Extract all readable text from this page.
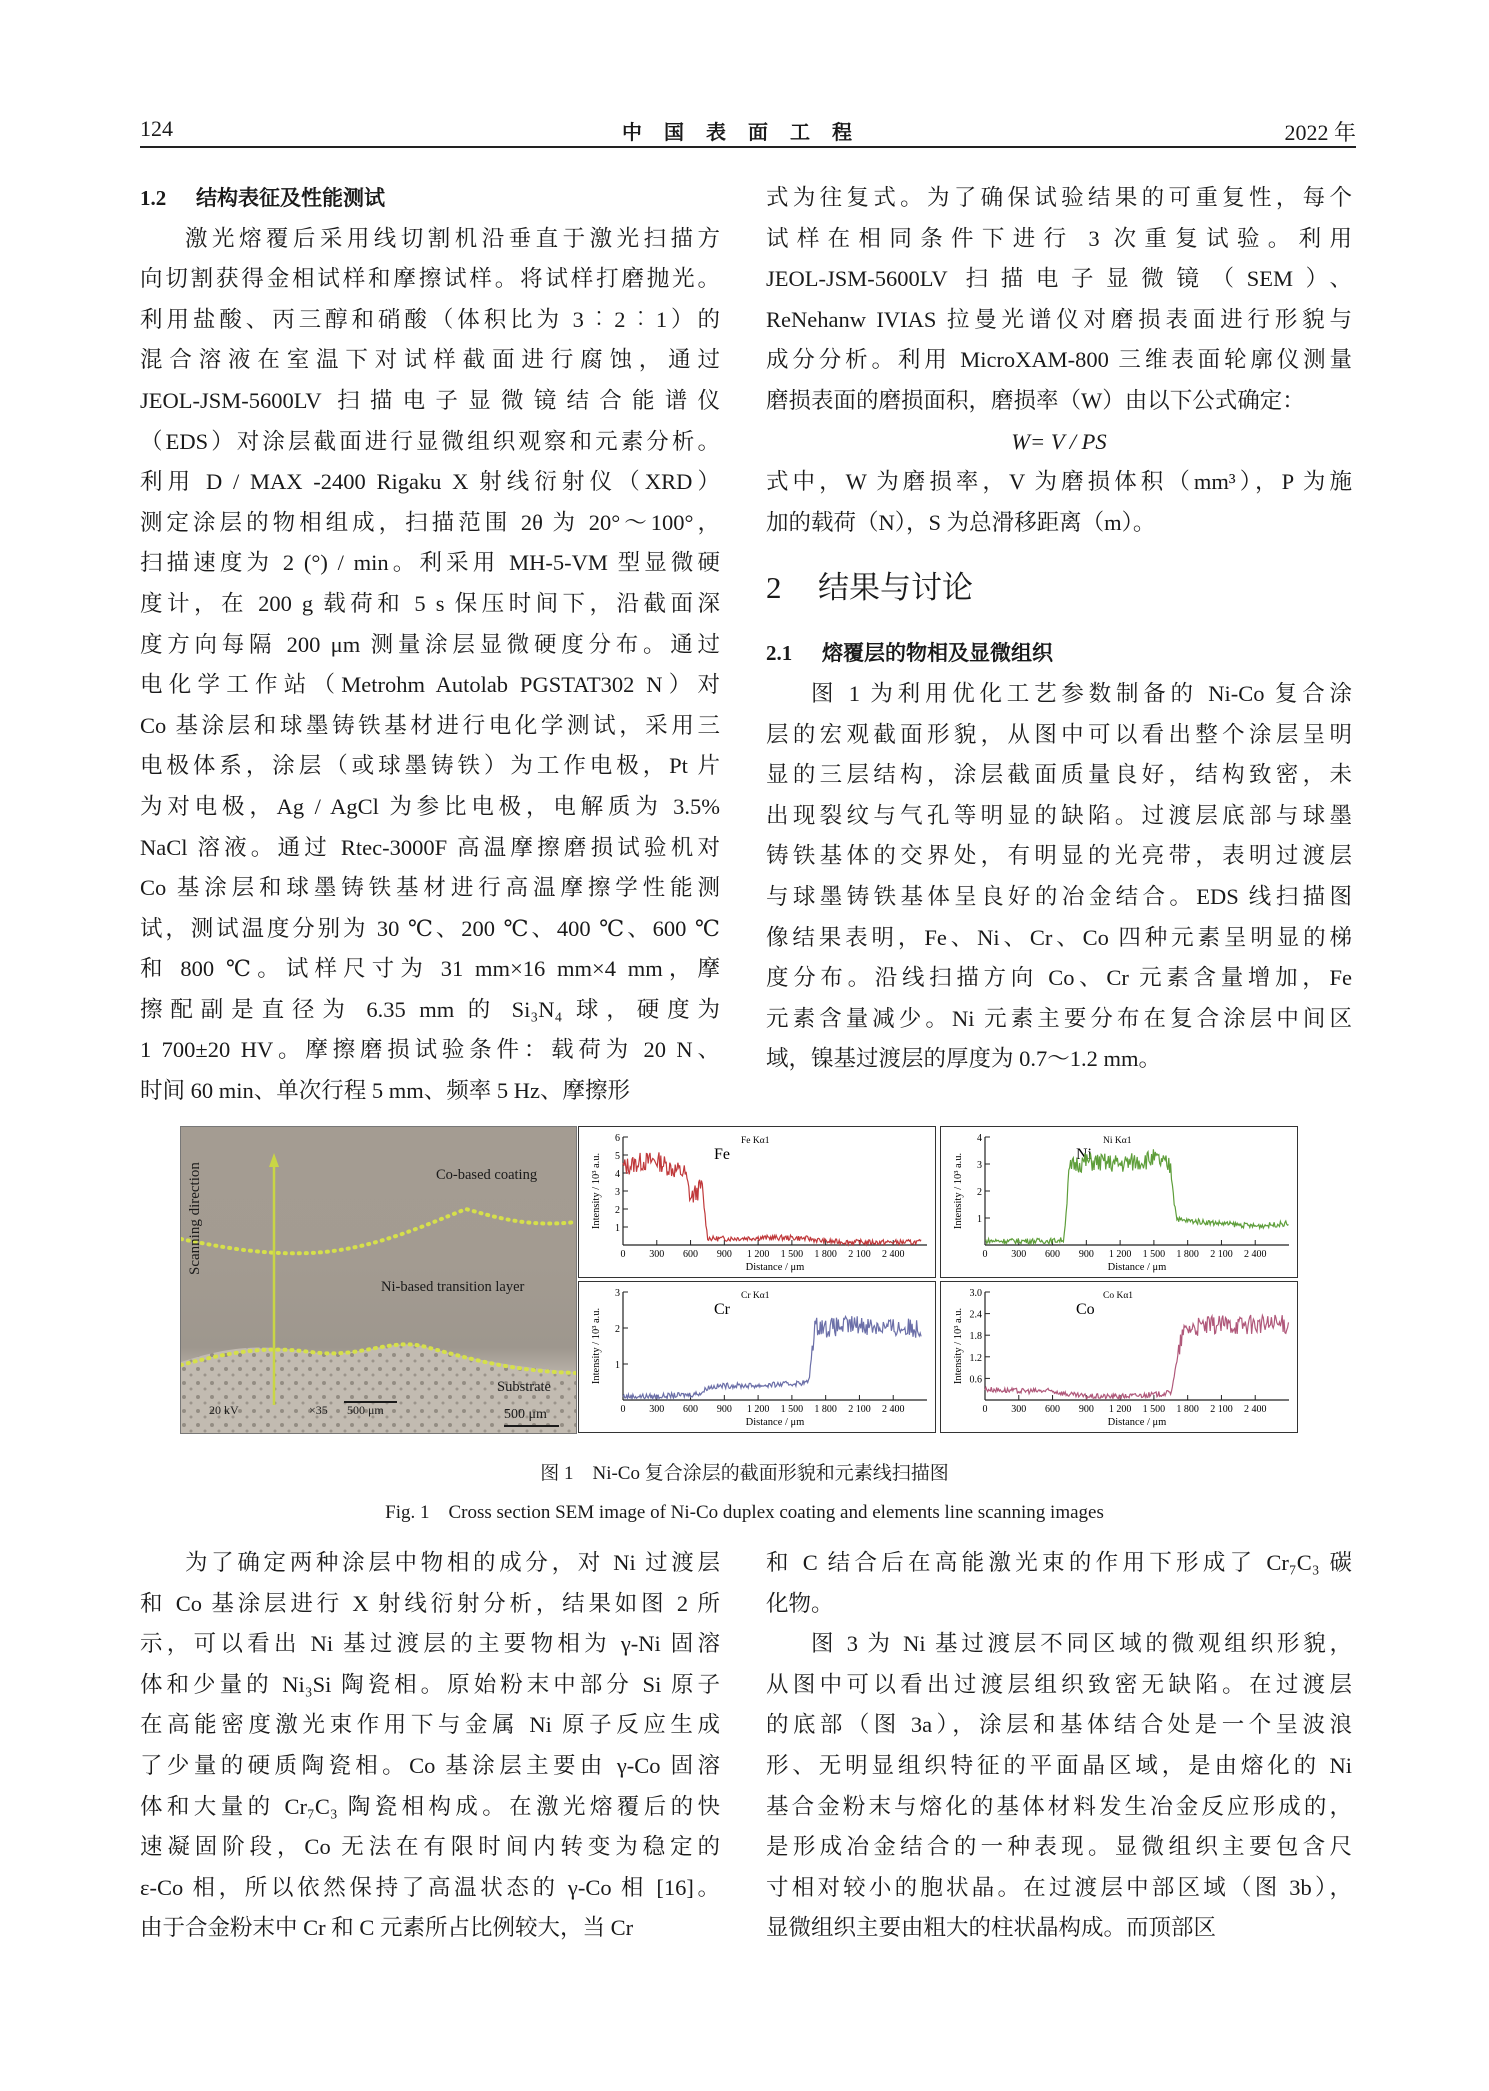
124	中国表面工程	2022 年

1.2 结构表征及性能测试

激光熔覆后采用线切割机沿垂直于激光扫描方
向切割获得金相试样和摩擦试样。将试样打磨抛光。
利用盐酸、丙三醇和硝酸（体积比为 3︰2︰1）的
混合溶液在室温下对试样截面进行腐蚀，通过
JEOL-JSM-5600LV 扫描电子显微镜结合能谱仪
（EDS）对涂层截面进行显微组织观察和元素分析。
利用 D / MAX -2400 Rigaku X 射线衍射仪（XRD）
测定涂层的物相组成，扫描范围 2θ 为 20°～100°，
扫描速度为 2 (°) / min。利采用 MH-5-VM 型显微硬
度计，在 200 g 载荷和 5 s 保压时间下，沿截面深
度方向每隔 200 μm 测量涂层显微硬度分布。通过
电化学工作站（Metrohm Autolab PGSTAT302 N）对
Co 基涂层和球墨铸铁基材进行电化学测试，采用三
电极体系，涂层（或球墨铸铁）为工作电极，Pt 片
为对电极，Ag / AgCl 为参比电极，电解质为 3.5%
NaCl 溶液。通过 Rtec-3000F 高温摩擦磨损试验机对
Co 基涂层和球墨铸铁基材进行高温摩擦学性能测
试，测试温度分别为 30 ℃、200 ℃、400 ℃、600 ℃
和 800 ℃。试样尺寸为 31 mm×16 mm×4 mm，摩
擦配副是直径为 6.35 mm 的 Si₃N₄ 球，硬度为
1 700±20 HV。摩擦磨损试验条件：载荷为 20 N、
时间 60 min、单次行程 5 mm、频率 5 Hz、摩擦形
式为往复式。为了确保试验结果的可重复性，每个
试样在相同条件下进行 3 次重复试验。利用
JEOL-JSM-5600LV 扫描电子显微镜（SEM）、
ReNehanw IVIAS 拉曼光谱仪对磨损表面进行形貌与
成分分析。利用 MicroXAM-800 三维表面轮廓仪测量
磨损表面的磨损面积，磨损率（W）由以下公式确定：

W= V / PS

式中，W 为磨损率，V 为磨损体积（mm³），P 为施
加的载荷（N），S 为总滑移距离（m）。

2 结果与讨论

2.1 熔覆层的物相及显微组织

图 1 为利用优化工艺参数制备的 Ni-Co 复合涂
层的宏观截面形貌，从图中可以看出整个涂层呈明
显的三层结构，涂层截面质量良好，结构致密，未
出现裂纹与气孔等明显的缺陷。过渡层底部与球墨
铸铁基体的交界处，有明显的光亮带，表明过渡层
与球墨铸铁基体呈良好的冶金结合。EDS 线扫描图
像结果表明，Fe、Ni、Cr、Co 四种元素呈明显的梯
度分布。沿线扫描方向 Co、Cr 元素含量增加，Fe
元素含量减少。Ni 元素主要分布在复合涂层中间区
域，镍基过渡层的厚度为 0.7～1.2 mm。
Co-based coating
Ni-based transition layer
Substrate
Scanning direction
20 kV	×35 500 μm	500 μm
1
2
3
4
5
6
0 300 600 900 1 200 1 500 1 800 2 100 2 400
Distance / μm
Intensity / 10³ a.u.	Fe
Fe Kα1
1
2
3
4
0 300 600 900 1 200 1 500 1 800 2 100 2 400
Distance / μm
Intensity / 10³ a.u.	Ni
Ni Kα1
1
2
3
0 300 600 900 1 200 1 500 1 800 2 100 2 400
Distance / μm
Intensity / 10³ a.u.	Cr
Cr Kα1
0.6
1.2
1.8
2.4
3.0
0 300 600 900 1 200 1 500 1 800 2 100 2 400
Distance / μm
Intensity / 10³ a.u.	Co
Co Kα1
图 1　Ni-Co 复合涂层的截面形貌和元素线扫描图
Fig. 1　Cross section SEM image of Ni-Co duplex coating and elements line scanning images
为了确定两种涂层中物相的成分，对 Ni 过渡层
和 Co 基涂层进行 X 射线衍射分析，结果如图 2 所
示，可以看出 Ni 基过渡层的主要物相为 γ-Ni 固溶
体和少量的 Ni₃Si 陶瓷相。原始粉末中部分 Si 原子
在高能密度激光束作用下与金属 Ni 原子反应生成
了少量的硬质陶瓷相。Co 基涂层主要由 γ-Co 固溶
体和大量的 Cr₇C₃ 陶瓷相构成。在激光熔覆后的快
速凝固阶段，Co 无法在有限时间内转变为稳定的
ε-Co 相，所以依然保持了高温状态的 γ-Co 相 [16]。
由于合金粉末中 Cr 和 C 元素所占比例较大，当 Cr
和 C 结合后在高能激光束的作用下形成了 Cr₇C₃ 碳
化物。
图 3 为 Ni 基过渡层不同区域的微观组织形貌，
从图中可以看出过渡层组织致密无缺陷。在过渡层
的底部（图 3a），涂层和基体结合处是一个呈波浪
形、无明显组织特征的平面晶区域，是由熔化的 Ni
基合金粉末与熔化的基体材料发生冶金反应形成的，
是形成冶金结合的一种表现。显微组织主要包含尺
寸相对较小的胞状晶。在过渡层中部区域（图 3b），
显微组织主要由粗大的柱状晶构成。而顶部区
